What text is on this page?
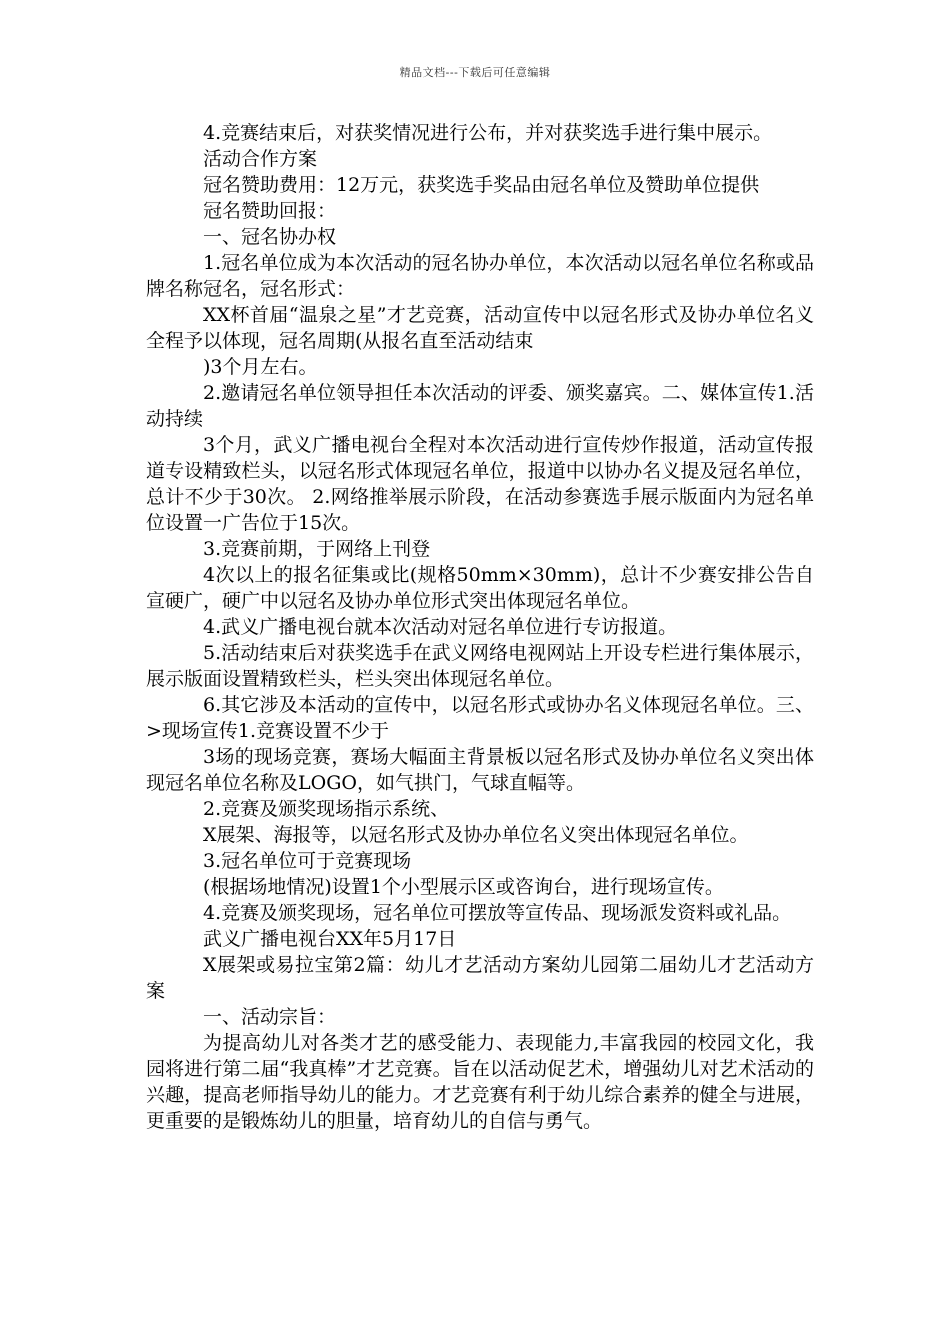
精品文档---下载后可任意编辑

4.竞赛结束后，对获奖情况进行公布，并对获奖选手进行集中展示。

活动合作方案

冠名赞助费用：12万元，获奖选手奖品由冠名单位及赞助单位提供

冠名赞助回报：

一、冠名协办权

1.冠名单位成为本次活动的冠名协办单位，本次活动以冠名单位名称或品牌名称冠名，冠名形式：

XX杯首届“温泉之星”才艺竞赛，活动宣传中以冠名形式及协办单位名义全程予以体现，冠名周期(从报名直至活动结束

)3个月左右。

2.邀请冠名单位领导担任本次活动的评委、颁奖嘉宾。二、媒体宣传1.活动持续

3个月，武义广播电视台全程对本次活动进行宣传炒作报道，活动宣传报道专设精致栏头，以冠名形式体现冠名单位，报道中以协办名义提及冠名单位，总计不少于30次。 2.网络推举展示阶段，在活动参赛选手展示版面内为冠名单位设置一广告位于15次。

3.竞赛前期，于网络上刊登

4次以上的报名征集或比(规格50mm×30mm)，总计不少赛安排公告自宣硬广，硬广中以冠名及协办单位形式突出体现冠名单位。

4.武义广播电视台就本次活动对冠名单位进行专访报道。

5.活动结束后对获奖选手在武义网络电视网站上开设专栏进行集体展示，展示版面设置精致栏头，栏头突出体现冠名单位。

6.其它涉及本活动的宣传中，以冠名形式或协办名义体现冠名单位。三、>现场宣传1.竞赛设置不少于

3场的现场竞赛，赛场大幅面主背景板以冠名形式及协办单位名义突出体现冠名单位名称及LOGO，如气拱门，气球直幅等。

2.竞赛及颁奖现场指示系统、

X展架、海报等，以冠名形式及协办单位名义突出体现冠名单位。

3.冠名单位可于竞赛现场

(根据场地情况)设置1个小型展示区或咨询台，进行现场宣传。

4.竞赛及颁奖现场，冠名单位可摆放等宣传品、现场派发资料或礼品。

武义广播电视台XX年5月17日

X展架或易拉宝第2篇：幼儿才艺活动方案幼儿园第二届幼儿才艺活动方案

一、活动宗旨：

为提高幼儿对各类才艺的感受能力、表现能力,丰富我园的校园文化，我园将进行第二届“我真棒”才艺竞赛。旨在以活动促艺术，增强幼儿对艺术活动的兴趣，提高老师指导幼儿的能力。才艺竞赛有利于幼儿综合素养的健全与进展，更重要的是锻炼幼儿的胆量，培育幼儿的自信与勇气。
